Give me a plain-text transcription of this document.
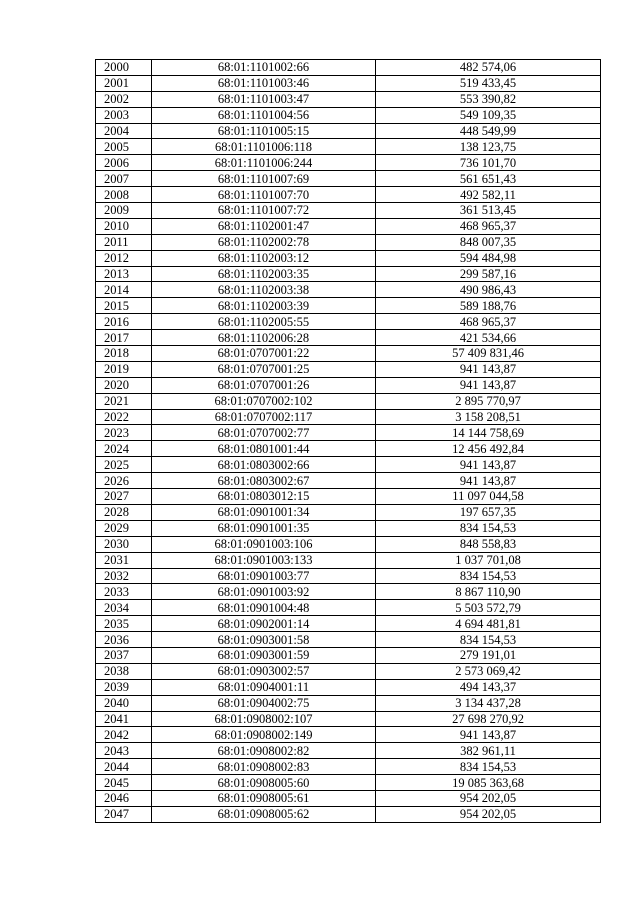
2000	68:01:1101002:66	482 574,06
2001	68:01:1101003:46	519 433,45
2002	68:01:1101003:47	553 390,82
2003	68:01:1101004:56	549 109,35
2004	68:01:1101005:15	448 549,99
2005	68:01:1101006:118	138 123,75
2006	68:01:1101006:244	736 101,70
2007	68:01:1101007:69	561 651,43
2008	68:01:1101007:70	492 582,11
2009	68:01:1101007:72	361 513,45
2010	68:01:1102001:47	468 965,37
2011	68:01:1102002:78	848 007,35
2012	68:01:1102003:12	594 484,98
2013	68:01:1102003:35	299 587,16
2014	68:01:1102003:38	490 986,43
2015	68:01:1102003:39	589 188,76
2016	68:01:1102005:55	468 965,37
2017	68:01:1102006:28	421 534,66
2018	68:01:0707001:22	57 409 831,46
2019	68:01:0707001:25	941 143,87
2020	68:01:0707001:26	941 143,87
2021	68:01:0707002:102	2 895 770,97
2022	68:01:0707002:117	3 158 208,51
2023	68:01:0707002:77	14 144 758,69
2024	68:01:0801001:44	12 456 492,84
2025	68:01:0803002:66	941 143,87
2026	68:01:0803002:67	941 143,87
2027	68:01:0803012:15	11 097 044,58
2028	68:01:0901001:34	197 657,35
2029	68:01:0901001:35	834 154,53
2030	68:01:0901003:106	848 558,83
2031	68:01:0901003:133	1 037 701,08
2032	68:01:0901003:77	834 154,53
2033	68:01:0901003:92	8 867 110,90
2034	68:01:0901004:48	5 503 572,79
2035	68:01:0902001:14	4 694 481,81
2036	68:01:0903001:58	834 154,53
2037	68:01:0903001:59	279 191,01
2038	68:01:0903002:57	2 573 069,42
2039	68:01:0904001:11	494 143,37
2040	68:01:0904002:75	3 134 437,28
2041	68:01:0908002:107	27 698 270,92
2042	68:01:0908002:149	941 143,87
2043	68:01:0908002:82	382 961,11
2044	68:01:0908002:83	834 154,53
2045	68:01:0908005:60	19 085 363,68
2046	68:01:0908005:61	954 202,05
2047	68:01:0908005:62	954 202,05
